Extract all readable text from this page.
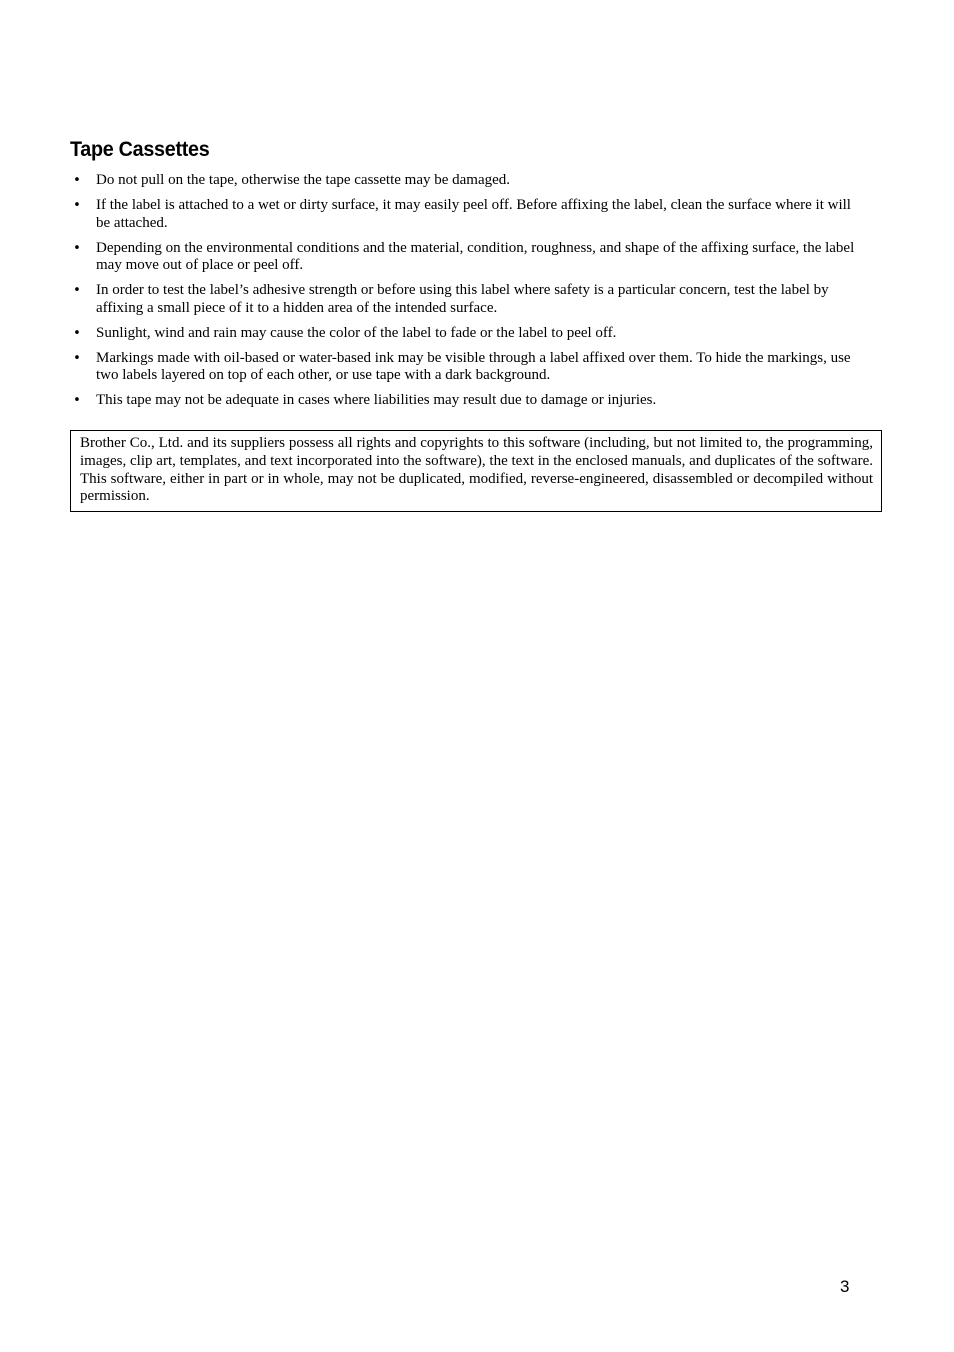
Tape Cassettes
• Do not pull on the tape, otherwise the tape cassette may be damaged.
• If the label is attached to a wet or dirty surface, it may easily peel off. Before affixing the label, clean the surface where it will be attached.
• Depending on the environmental conditions and the material, condition, roughness, and shape of the affixing surface, the label may move out of place or peel off.
• In order to test the label’s adhesive strength or before using this label where safety is a particular concern, test the label by affixing a small piece of it to a hidden area of the intended surface.
• Sunlight, wind and rain may cause the color of the label to fade or the label to peel off.
• Markings made with oil-based or water-based ink may be visible through a label affixed over them. To hide the markings, use two labels layered on top of each other, or use tape with a dark background.
• This tape may not be adequate in cases where liabilities may result due to damage or injuries.
Brother Co., Ltd. and its suppliers possess all rights and copyrights to this software (including, but not limited to, the programming, images, clip art, templates, and text incorporated into the software), the text in the enclosed manuals, and duplicates of the software. This software, either in part or in whole, may not be duplicated, modified, reverse-engineered, disassembled or decompiled without permission.
3
